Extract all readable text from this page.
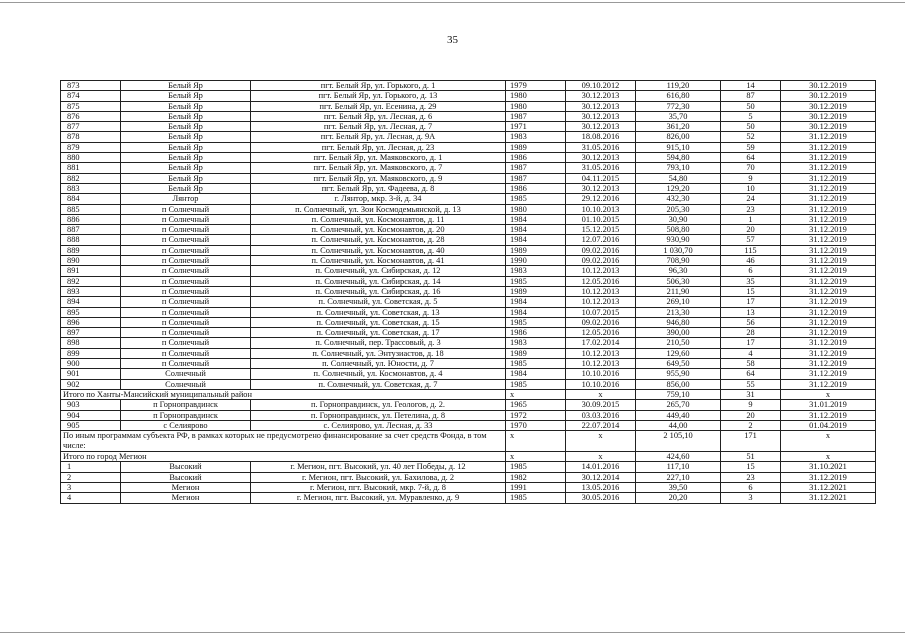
35
873	Белый Яр	пгт. Белый Яр, ул. Горького, д. 1	1979	09.10.2012	119,20	14	30.12.2019
874	Белый Яр	пгт. Белый Яр, ул. Горького, д. 13	1980	30.12.2013	616,80	87	30.12.2019
875	Белый Яр	пгт. Белый Яр, ул. Есенина, д. 29	1980	30.12.2013	772,30	50	30.12.2019
876	Белый Яр	пгт. Белый Яр, ул. Лесная, д. 6	1987	30.12.2013	35,70	5	30.12.2019
877	Белый Яр	пгт. Белый Яр, ул. Лесная, д. 7	1971	30.12.2013	361,20	50	30.12.2019
878	Белый Яр	пгт. Белый Яр, ул. Лесная, д. 9А	1983	18.08.2016	826,00	52	31.12.2019
879	Белый Яр	пгт. Белый Яр, ул. Лесная, д. 23	1989	31.05.2016	915,10	59	31.12.2019
880	Белый Яр	пгт. Белый Яр, ул. Маяковского, д. 1	1986	30.12.2013	594,80	64	31.12.2019
881	Белый Яр	пгт. Белый Яр, ул. Маяковского, д. 7	1987	31.05.2016	793,10	70	31.12.2019
882	Белый Яр	пгт. Белый Яр, ул. Маяковского, д. 9	1987	04.11.2015	54,80	9	31.12.2019
883	Белый Яр	пгт. Белый Яр, ул. Фадеева, д. 8	1986	30.12.2013	129,20	10	31.12.2019
884	Лянтор	г. Лянтор, мкр. 3-й, д. 34	1985	29.12.2016	432,30	24	31.12.2019
885	п Солнечный	п. Солнечный, ул. Зои Космодемьянской, д. 13	1980	10.10.2013	205,30	23	31.12.2019
886	п Солнечный	п. Солнечный, ул. Космонавтов, д. 11	1984	01.10.2015	30,90	1	31.12.2019
887	п Солнечный	п. Солнечный, ул. Космонавтов, д. 20	1984	15.12.2015	508,80	20	31.12.2019
888	п Солнечный	п. Солнечный, ул. Космонавтов, д. 28	1984	12.07.2016	930,90	57	31.12.2019
889	п Солнечный	п. Солнечный, ул. Космонавтов, д. 40	1989	09.02.2016	1 030,70	115	31.12.2019
890	п Солнечный	п. Солнечный, ул. Космонавтов, д. 41	1990	09.02.2016	708,90	46	31.12.2019
891	п Солнечный	п. Солнечный, ул. Сибирская, д. 12	1983	10.12.2013	96,30	6	31.12.2019
892	п Солнечный	п. Солнечный, ул. Сибирская, д. 14	1985	12.05.2016	506,30	35	31.12.2019
893	п Солнечный	п. Солнечный, ул. Сибирская, д. 16	1989	10.12.2013	211,90	15	31.12.2019
894	п Солнечный	п. Солнечный, ул. Советская, д. 5	1984	10.12.2013	269,10	17	31.12.2019
895	п Солнечный	п. Солнечный, ул. Советская, д. 13	1984	10.07.2015	213,30	13	31.12.2019
896	п Солнечный	п. Солнечный, ул. Советская, д. 15	1985	09.02.2016	946,80	56	31.12.2019
897	п Солнечный	п. Солнечный, ул. Советская, д. 17	1986	12.05.2016	390,00	28	31.12.2019
898	п Солнечный	п. Солнечный, пер. Трассовый, д. 3	1983	17.02.2014	210,50	17	31.12.2019
899	п Солнечный	п. Солнечный, ул. Энтузиастов, д. 18	1989	10.12.2013	129,60	4	31.12.2019
900	п Солнечный	п. Солнечный, ул. Юности, д. 7	1985	10.12.2013	649,50	58	31.12.2019
901	Солнечный	п. Солнечный, ул. Космонавтов, д. 4	1984	10.10.2016	955,90	64	31.12.2019
902	Солнечный	п. Солнечный, ул. Советская, д. 7	1985	10.10.2016	856,00	55	31.12.2019
Итого по Ханты-Мансийский муниципальный район			x	x	759,10	31	x
903	п Горноправдинск	п. Горноправдинск, ул. Геологов, д. 2.	1965	30.09.2015	265,70	9	31.01.2019
904	п Горноправдинск	п. Горноправдинск, ул. Петелина, д. 8	1972	03.03.2016	449,40	20	31.12.2019
905	с Селиярово	с. Селиярово, ул. Лесная, д. 33	1970	22.07.2014	44,00	2	01.04.2019
По иным программам субъекта РФ, в рамках которых не предусмотрено финансирование за счет средств Фонда, в том числе:			x	x	2 105,10	171	x
Итого по город Мегион			x	x	424,60	51	x
1	Высокий	г. Мегион, пгт. Высокий, ул. 40 лет Победы, д. 12	1985	14.01.2016	117,10	15	31.10.2021
2	Высокий	г. Мегион, пгт. Высокий, ул. Бахилова, д. 2	1982	30.12.2014	227,10	23	31.12.2019
3	Мегион	г. Мегион, пгт. Высокий, мкр. 7-й, д. 8	1991	13.05.2016	39,50	6	31.12.2021
4	Мегион	г. Мегион, пгт. Высокий, ул. Муравленко, д. 9	1985	30.05.2016	20,20	3	31.12.2021
